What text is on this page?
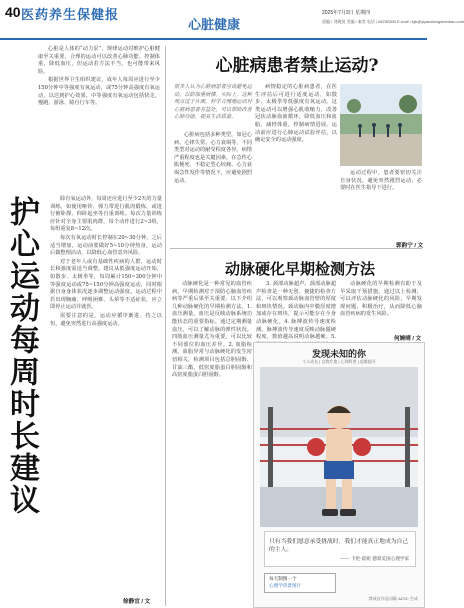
40 医药养生保健报
心脏健康
2025年7月3日 星期四
责编 / 刘婉贤 美编 / 秦奕 电话 / 66782800 E-mail / bjb@yiyaoxiangshenbao.com

心脏是人体的“动力泵”，规律运动对维护心脏健康至关重要。合理的运动可以改善心肺功能、控制体重、降低血压，但运动若方法不当，也可能带来风险。

根据世界卫生组织建议，成年人每周应进行至少150分钟中等强度有氧运动，或75分钟高强度有氧运动，以达到护心效果。中等强度有氧运动包括快走、慢跑、游泳、骑自行车等。

护心运动每周时长建议	除有氧运动外，每周还应进行至少2天的力量训练，如使用哑铃、弹力带进行肌肉锻炼，或进行俯卧撑、仰卧起坐等自重训练。每次力量训练应针对全身主要肌肉群，每个动作进行2~3组，每组重复8~12次。

每次有氧运动时长控制在20~30分钟，之后适当增加。运动前要做好5~10分钟热身，运动后做整理活动，以降低心血管意外风险。

对于老年人或有基础性疾病的人群，运动时长和强度需适当调整。建议从低强度运动开始，如散步、太极拳等，每周累计150~300分钟中等强度运动或75~150分钟高强度运动，同时根据自身身体状况逐步调整运动强度。运动过程中若出现胸痛、呼吸困难、头晕等不适症状，应立即停止运动并就医。

需要注意的是，运动应循序渐进、持之以恒，避免突然进行高强度运动。

徐静宜 / 文
心脏病患者禁止运动?
很多人认为心脏病患者应该避免运动，以防加重病情。实际上，这种观点过于片面。科学合理地运动对心脏病患者有益处，可以帮助改善心肺功能，提高生活质量。

心脏病包括多种类型，如冠心病、心律失常、心力衰竭等，不同类型对运动的耐受程度各异。病情严重程度也是关键因素。在急性心肌梗死、不稳定型心绞痛、心力衰竭急性发作等情况下，应避免剧烈运动。

病情稳定的心脏病患者，在医生评估后可进行适度运动，如散步、太极拳等低强度有氧运动。这类运动可以增强心肌收缩力，改善冠状动脉血液循环，降低血压和血脂，减轻体重，控制病情进展。运动前应进行心肺运动试验评估，以确定安全的运动强度。

运动过程中，患者要密切关注自身状况，避免突然剧烈运动，必要时在医生指导下进行。

郭韵宁 / 文
动脉硬化早期检测方法

动脉硬化是一种常见的血管疾病，早期检测对于预防心脑血管疾病等严重后果至关重要。以下介绍几种动脉硬化的早期检测方法。1. 血压测量。血压是反映动脉系统功能状态的重要指标。通过定期测量血压，可以了解动脉的弹性状况。四肢血压测量尤为重要，可以比较不同部位的血压差异。2. 血脂检测。血脂异常与动脉硬化的发生密切相关，检测项目包括总胆固醇、甘油三酯、低密度脂蛋白胆固醇和高密度脂蛋白胆固醇。

3. 颈部动脉超声。颈部动脉超声检查是一种无创、便捷的检查方法，可以观察颈动脉血管壁的厚度和斑块情况。颈动脉内中膜厚度增加或存在斑块，提示可能存在全身动脉硬化。4. 脉搏波传导速度检测。脉搏波传导速度反映动脉僵硬程度，数值越高说明动脉越硬。5.

动脉硬化的早期检测有助于及早采取干预措施。通过以上检测，可以评估动脉硬化的风险，早期发现问题，积极治疗，从而降低心脑血管疾病的发生风险。

何婉晴 / 文
发现未知的你
个人成长 | 自我疗愈 | 心理科普 | 思维提升
只有当我们愿意承受挑战时，我们才能真正地成为自己的主人。
—— 卡伦·霍妮 德裔美国心理学家
每天制图一个
心理学背景图片
禁戒自作品刊载 AIGC 生成
